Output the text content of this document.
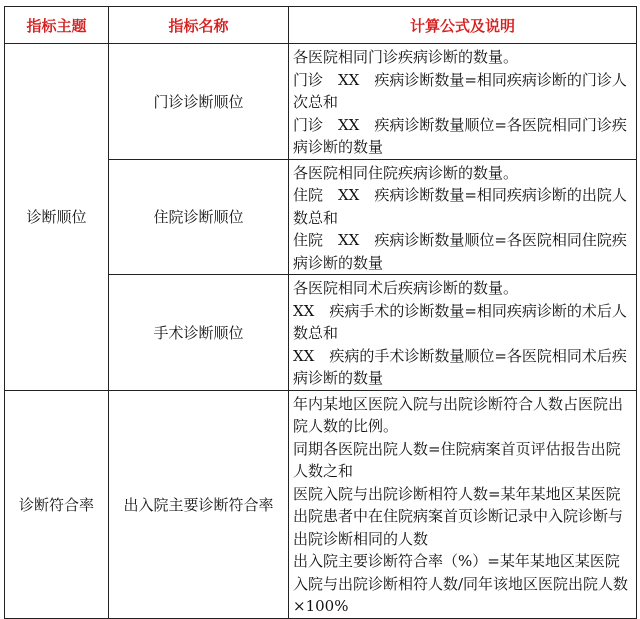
指标主题	指标名称	计算公式及说明
诊断顺位	门诊诊断顺位	各医院相同门诊疾病诊断的数量。
门诊　XX　疾病诊断数量=相同疾病诊断的门诊人次总和
门诊　XX　疾病诊断数量顺位=各医院相同门诊疾病诊断的数量

	住院诊断顺位	各医院相同住院疾病诊断的数量。
住院　XX　疾病诊断数量=相同疾病诊断的出院人数总和
住院　XX　疾病诊断数量顺位=各医院相同住院疾病诊断的数量

	手术诊断顺位	各医院相同术后疾病诊断的数量。
XX　疾病手术的诊断数量=相同疾病诊断的术后人数总和
XX　疾病的手术诊断数量顺位=各医院相同术后疾病诊断的数量

诊断符合率	出入院主要诊断符合率	年内某地区医院入院与出院诊断符合人数占医院出院人数的比例。
同期各医院出院人数=住院病案首页评估报告出院人数之和
医院入院与出院诊断相符人数=某年某地区某医院出院患者中在住院病案首页诊断记录中入院诊断与出院诊断相同的人数
出入院主要诊断符合率（%）=某年某地区某医院入院与出院诊断相符人数/同年该地区医院出院人数×100%
